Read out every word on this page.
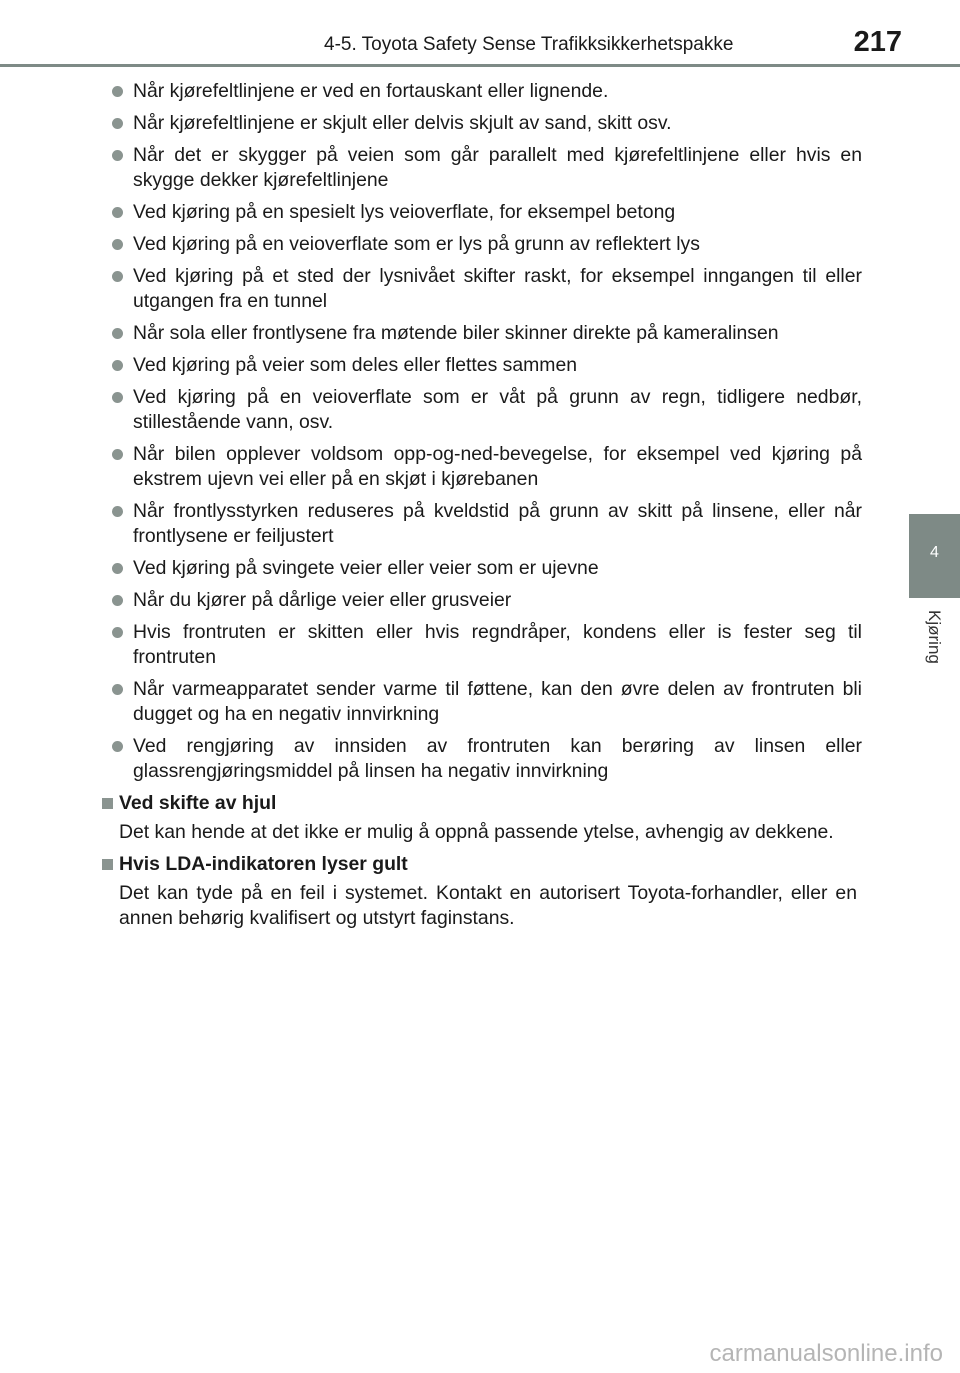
4-5. Toyota Safety Sense Trafikksikkerhetspakke	217
4
Kjøring
Når kjørefeltlinjene er ved en fortauskant eller lignende.
Når kjørefeltlinjene er skjult eller delvis skjult av sand, skitt osv.
Når det er skygger på veien som går parallelt med kjørefeltlinjene eller hvis en skygge dekker kjørefeltlinjene
Ved kjøring på en spesielt lys veioverflate, for eksempel betong
Ved kjøring på en veioverflate som er lys på grunn av reflektert lys
Ved kjøring på et sted der lysnivået skifter raskt, for eksempel inngangen til eller utgangen fra en tunnel
Når sola eller frontlysene fra møtende biler skinner direkte på kameralinsen
Ved kjøring på veier som deles eller flettes sammen
Ved kjøring på en veioverflate som er våt på grunn av regn, tidligere nedbør, stillestående vann, osv.
Når bilen opplever voldsom opp-og-ned-bevegelse, for eksempel ved kjøring på ekstrem ujevn vei eller på en skjøt i kjørebanen
Når frontlysstyrken reduseres på kveldstid på grunn av skitt på linsene, eller når frontlysene er feiljustert
Ved kjøring på svingete veier eller veier som er ujevne
Når du kjører på dårlige veier eller grusveier
Hvis frontruten er skitten eller hvis regndråper, kondens eller is fester seg til frontruten
Når varmeapparatet sender varme til føttene, kan den øvre delen av frontruten bli dugget og ha en negativ innvirkning
Ved rengjøring av innsiden av frontruten kan berøring av linsen eller glassrengjøringsmiddel på linsen ha negativ innvirkning
Ved skifte av hjul
Det kan hende at det ikke er mulig å oppnå passende ytelse, avhengig av dekkene.
Hvis LDA-indikatoren lyser gult
Det kan tyde på en feil i systemet. Kontakt en autorisert Toyota-forhandler, eller en annen behørig kvalifisert og utstyrt faginstans.
carmanualsonline.info
